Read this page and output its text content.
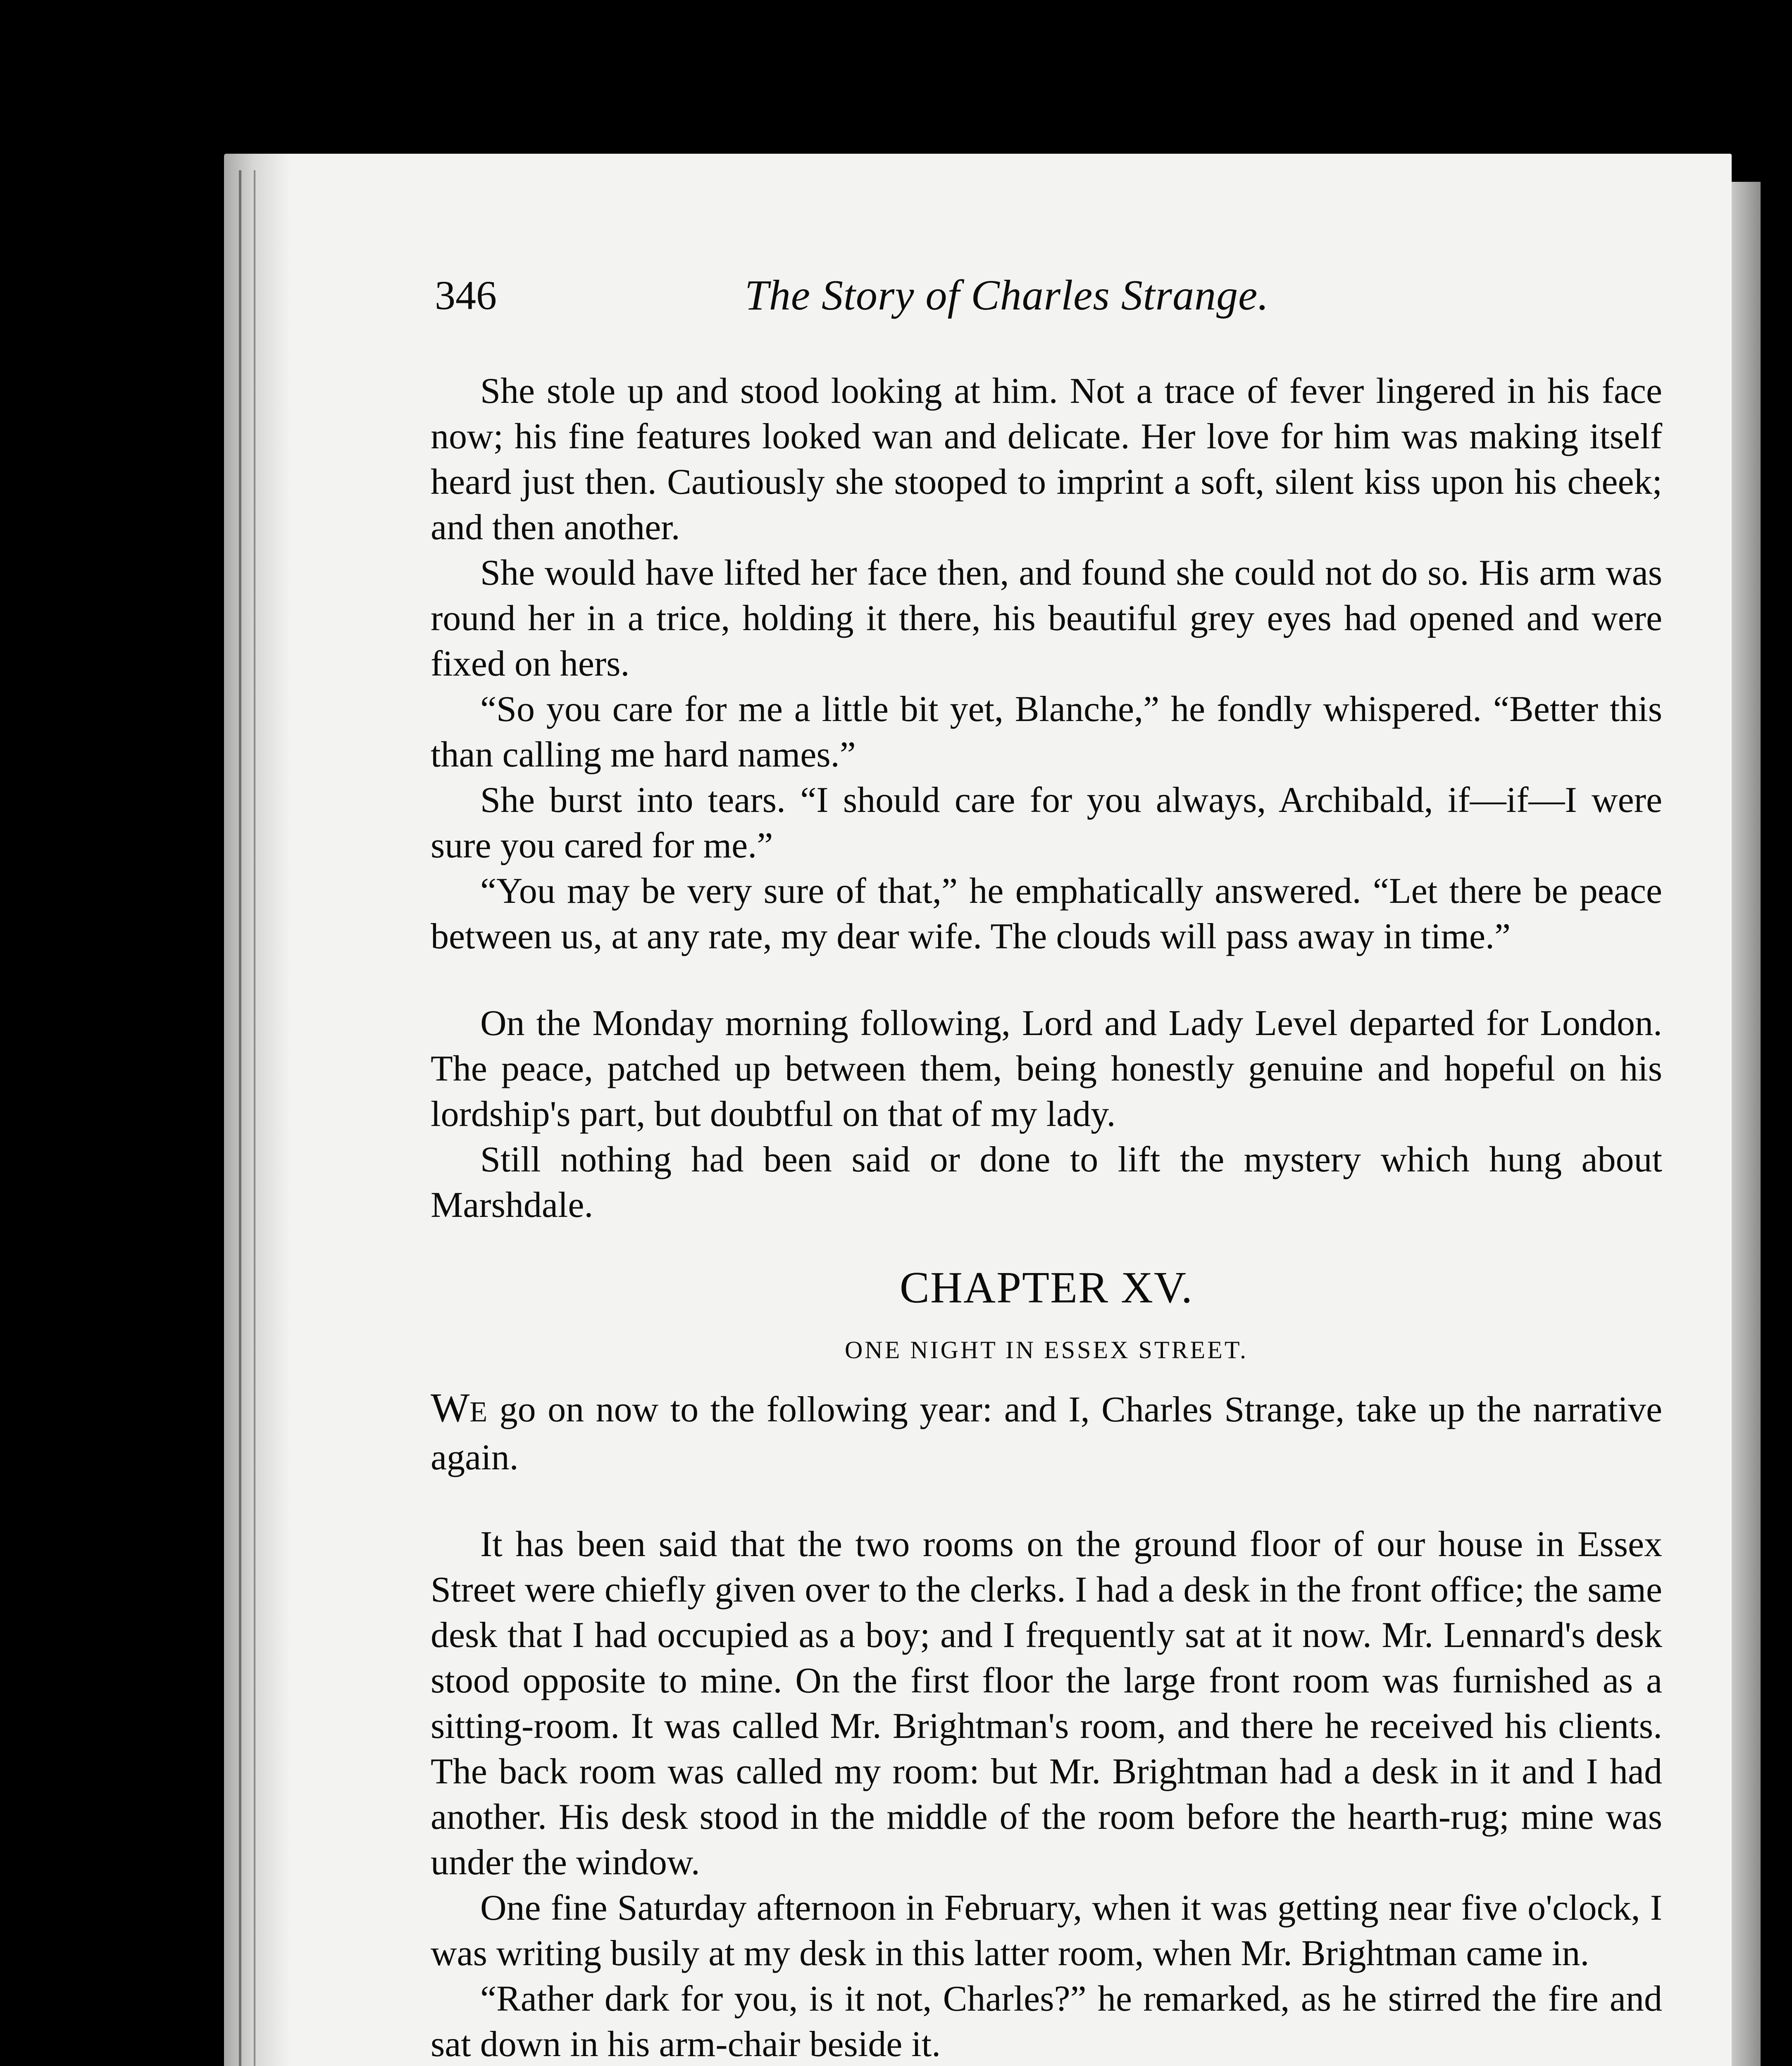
346	The Story of Charles Strange.

She stole up and stood looking at him. Not a trace of fever lingered in his face now; his fine features looked wan and delicate. Her love for him was making itself heard just then. Cautiously she stooped to imprint a soft, silent kiss upon his cheek; and then another.

She would have lifted her face then, and found she could not do so. His arm was round her in a trice, holding it there, his beautiful grey eyes had opened and were fixed on hers.

“So you care for me a little bit yet, Blanche,” he fondly whispered. “Better this than calling me hard names.”

She burst into tears. “I should care for you always, Archibald, if—if—I were sure you cared for me.”

“You may be very sure of that,” he emphatically answered. “Let there be peace between us, at any rate, my dear wife. The clouds will pass away in time.”

On the Monday morning following, Lord and Lady Level departed for London. The peace, patched up between them, being honestly genuine and hopeful on his lordship's part, but doubtful on that of my lady.

Still nothing had been said or done to lift the mystery which hung about Marshdale.

CHAPTER XV.
ONE NIGHT IN ESSEX STREET.

WE go on now to the following year: and I, Charles Strange, take up the narrative again.

It has been said that the two rooms on the ground floor of our house in Essex Street were chiefly given over to the clerks. I had a desk in the front office; the same desk that I had occupied as a boy; and I frequently sat at it now. Mr. Lennard's desk stood opposite to mine. On the first floor the large front room was furnished as a sitting-room. It was called Mr. Brightman's room, and there he received his clients. The back room was called my room: but Mr. Brightman had a desk in it and I had another. His desk stood in the middle of the room before the hearth-rug; mine was under the window.

One fine Saturday afternoon in February, when it was getting near five o'clock, I was writing busily at my desk in this latter room, when Mr. Brightman came in.

“Rather dark for you, is it not, Charles?” he remarked, as he stirred the fire and sat down in his arm-chair beside it.
